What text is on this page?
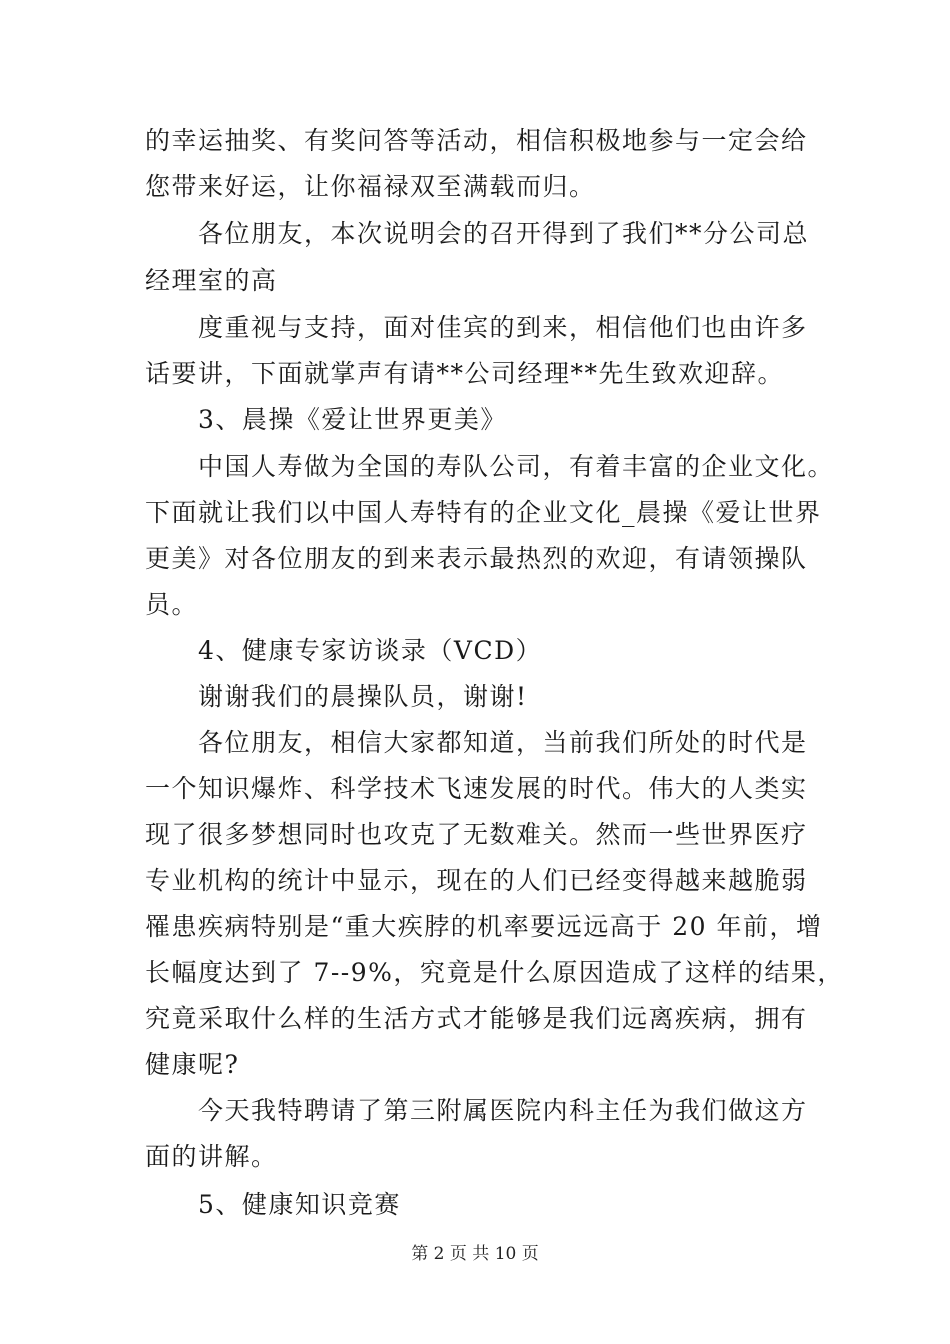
的幸运抽奖、有奖问答等活动，相信积极地参与一定会给
您带来好运，让你福禄双至满载而归。
各位朋友，本次说明会的召开得到了我们**分公司总
经理室的高
度重视与支持，面对佳宾的到来，相信他们也由许多
话要讲，下面就掌声有请**公司经理**先生致欢迎辞。
3、晨操《爱让世界更美》
中国人寿做为全国的寿队公司，有着丰富的企业文化。
下面就让我们以中国人寿特有的企业文化_晨操《爱让世界
更美》对各位朋友的到来表示最热烈的欢迎，有请领操队
员。
4、健康专家访谈录（VCD）
谢谢我们的晨操队员，谢谢!
各位朋友，相信大家都知道，当前我们所处的时代是
一个知识爆炸、科学技术飞速发展的时代。伟大的人类实
现了很多梦想同时也攻克了无数难关。然而一些世界医疗
专业机构的统计中显示，现在的人们已经变得越来越脆弱
罹患疾病特别是“重大疾脖的机率要远远高于 20 年前，增
长幅度达到了 7--9%，究竟是什么原因造成了这样的结果，
究竟采取什么样的生活方式才能够是我们远离疾病，拥有
健康呢?
今天我特聘请了第三附属医院内科主任为我们做这方
面的讲解。
5、健康知识竞赛
第 2 页 共 10 页
